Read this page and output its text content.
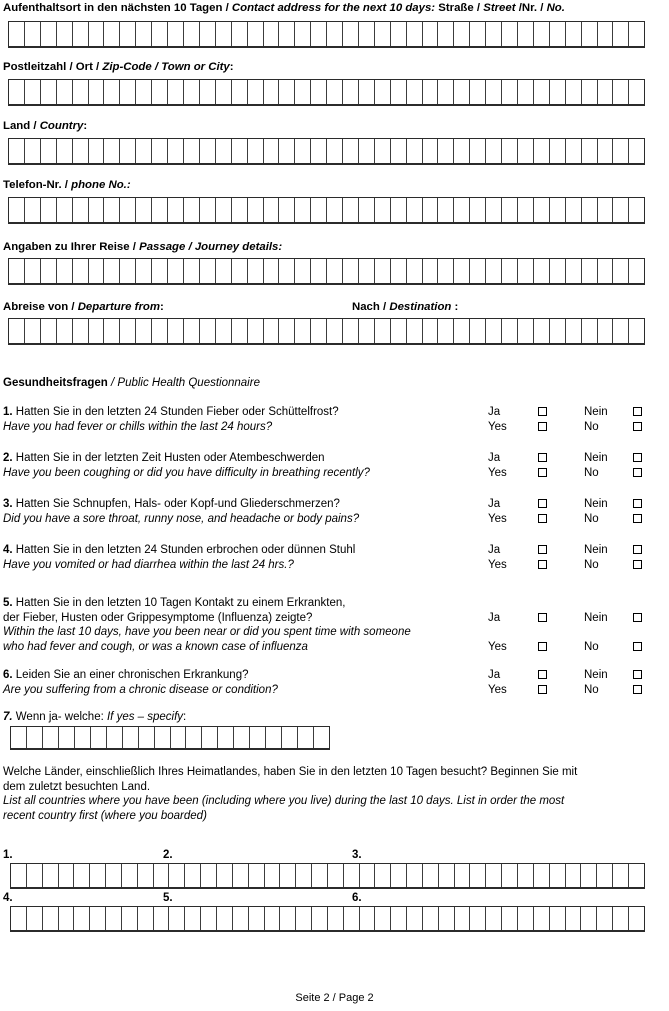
Aufenthaltsort in den nächsten 10 Tagen / Contact address for the next 10 days: Straße / Street /Nr. / No.
Postleitzahl / Ort / Zip-Code / Town or City:
Land / Country:
Telefon-Nr. / phone No.:
Angaben zu Ihrer Reise / Passage / Journey details:
Abreise von / Departure from:	Nach / Destination :
Gesundheitsfragen / Public Health Questionnaire
1. Hatten Sie in den letzten 24 Stunden Fieber oder Schüttelfrost?	Ja	Nein
Have you had fever or chills within the last 24 hours?	Yes	No
2. Hatten Sie in der letzten Zeit Husten oder Atembeschwerden	Ja	Nein
Have you been coughing or did you have difficulty in breathing recently?	Yes	No
3. Hatten Sie Schnupfen, Hals- oder Kopf-und Gliederschmerzen?	Ja	Nein
Did you have a sore throat, runny nose, and headache or body pains?	Yes	No
4. Hatten Sie in den letzten 24 Stunden erbrochen oder dünnen Stuhl	Ja	Nein
Have you vomited or had diarrhea within the last 24 hrs.?	Yes	No
5. Hatten Sie in den letzten 10 Tagen Kontakt zu einem Erkrankten,
der Fieber, Husten oder Grippesymptome (Influenza) zeigte?	Ja	Nein
Within the last 10 days, have you been near or did you spent time with someone
who had fever and cough, or was a known case of influenza	Yes	No
6. Leiden Sie an einer chronischen Erkrankung?	Ja	Nein
Are you suffering from a chronic disease or condition?	Yes	No
7. Wenn ja- welche: If yes – specify:
Welche Länder, einschließlich Ihres Heimatlandes, haben Sie in den letzten 10 Tagen besucht? Beginnen Sie mit
dem zuletzt besuchten Land.
List all countries where you have been (including where you live) during the last 10 days. List in order the most
recent country first (where you boarded)
1.	2.	3.
4.	5.	6.
Seite 2 / Page 2
